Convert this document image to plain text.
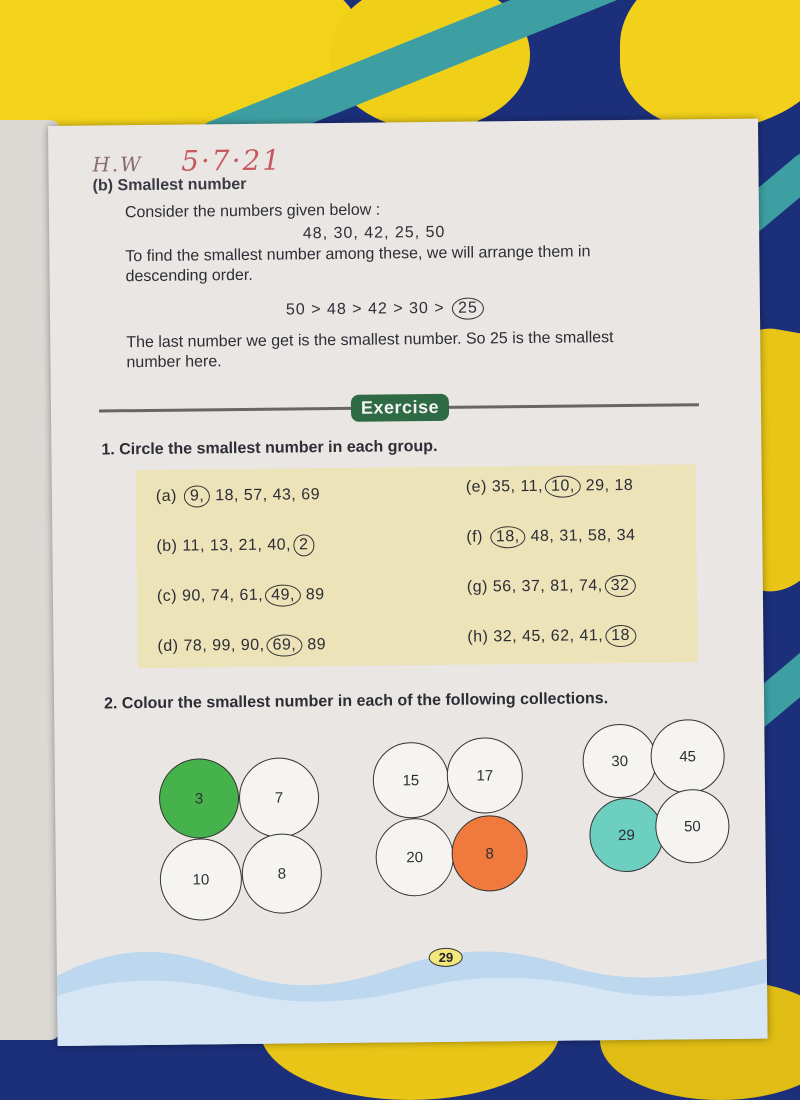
H.W 5·7·21
(b) Smallest number
Consider the numbers given below :
48, 30, 42, 25, 50
To find the smallest number among these, we will arrange them in descending order.
50 > 48 > 42 > 30 > 25
The last number we get is the smallest number. So 25 is the smallest number here.
Exercise
1. Circle the smallest number in each group.
(a) 9, 18, 57, 43, 69
(b) 11, 13, 21, 40, 2
(c) 90, 74, 61, 49, 89
(d) 78, 99, 90, 69, 89
(e) 35, 11, 10, 29, 18
(f) 18, 48, 31, 58, 34
(g) 56, 37, 81, 74, 32
(h) 32, 45, 62, 41, 18
2. Colour the smallest number in each of the following collections.
3	7
10	8
15	17
20	8
30	45
29
50
29
